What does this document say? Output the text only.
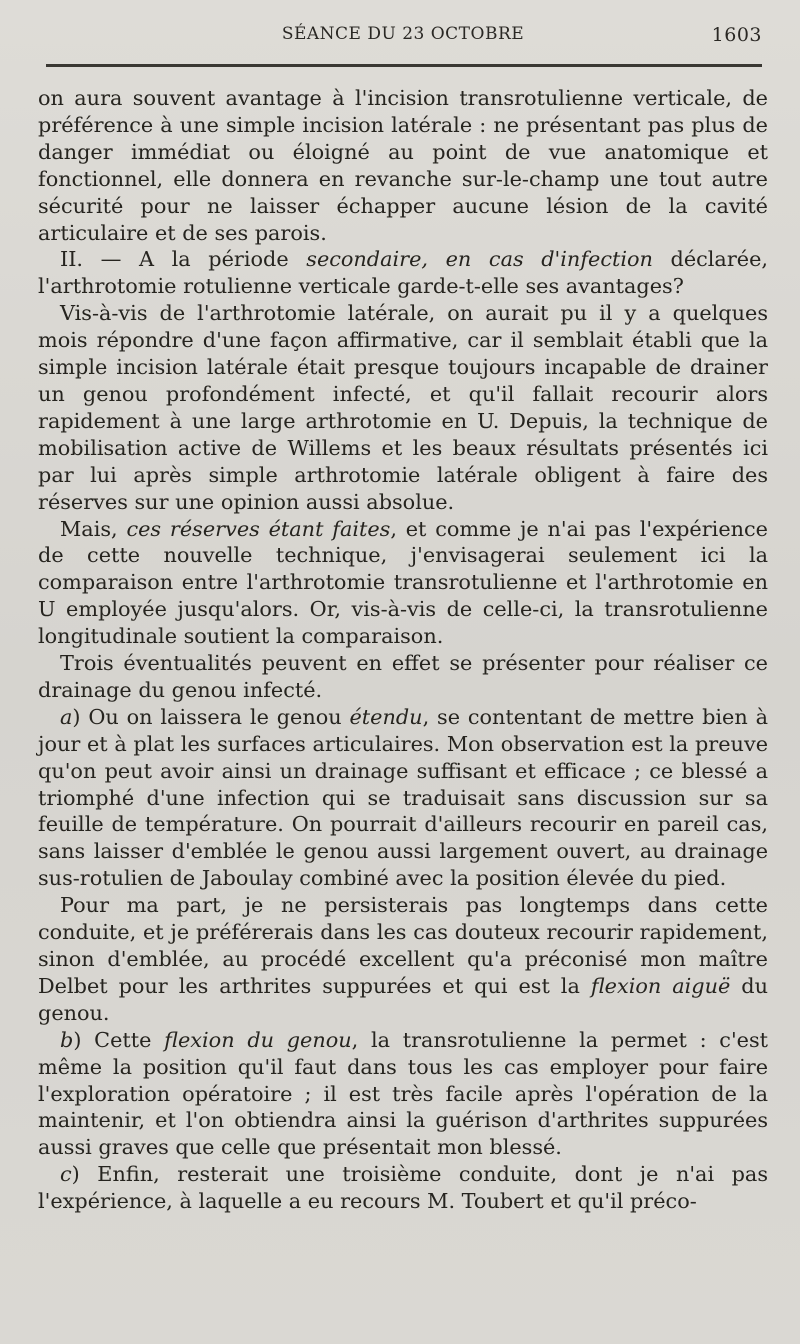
SÉANCE DU 23 OCTOBRE	1603

on aura souvent avantage à l'incision transrotulienne verticale, de préférence à une simple incision latérale : ne présentant pas plus de danger immédiat ou éloigné au point de vue anatomique et fonctionnel, elle donnera en revanche sur-le-champ une tout autre sécurité pour ne laisser échapper aucune lésion de la cavité articulaire et de ses parois.

II. — A la période secondaire, en cas d'infection déclarée, l'arthrotomie rotulienne verticale garde-t-elle ses avantages?

Vis-à-vis de l'arthrotomie latérale, on aurait pu il y a quelques mois répondre d'une façon affirmative, car il semblait établi que la simple incision latérale était presque toujours incapable de drainer un genou profondément infecté, et qu'il fallait recourir alors rapidement à une large arthrotomie en U. Depuis, la technique de mobilisation active de Willems et les beaux résultats présentés ici par lui après simple arthrotomie latérale obligent à faire des réserves sur une opinion aussi absolue.

Mais, ces réserves étant faites, et comme je n'ai pas l'expérience de cette nouvelle technique, j'envisagerai seulement ici la comparaison entre l'arthrotomie transrotulienne et l'arthrotomie en U employée jusqu'alors. Or, vis-à-vis de celle-ci, la transrotulienne longitudinale soutient la comparaison.

Trois éventualités peuvent en effet se présenter pour réaliser ce drainage du genou infecté.

a) Ou on laissera le genou étendu, se contentant de mettre bien à jour et à plat les surfaces articulaires. Mon observation est la preuve qu'on peut avoir ainsi un drainage suffisant et efficace ; ce blessé a triomphé d'une infection qui se traduisait sans discussion sur sa feuille de température. On pourrait d'ailleurs recourir en pareil cas, sans laisser d'emblée le genou aussi largement ouvert, au drainage sus-rotulien de Jaboulay combiné avec la position élevée du pied.

Pour ma part, je ne persisterais pas longtemps dans cette conduite, et je préférerais dans les cas douteux recourir rapidement, sinon d'emblée, au procédé excellent qu'a préconisé mon maître Delbet pour les arthrites suppurées et qui est la flexion aiguë du genou.

b) Cette flexion du genou, la transrotulienne la permet : c'est même la position qu'il faut dans tous les cas employer pour faire l'exploration opératoire ; il est très facile après l'opération de la maintenir, et l'on obtiendra ainsi la guérison d'arthrites suppurées aussi graves que celle que présentait mon blessé.

c) Enfin, resterait une troisième conduite, dont je n'ai pas l'expérience, à laquelle a eu recours M. Toubert et qu'il préco-
